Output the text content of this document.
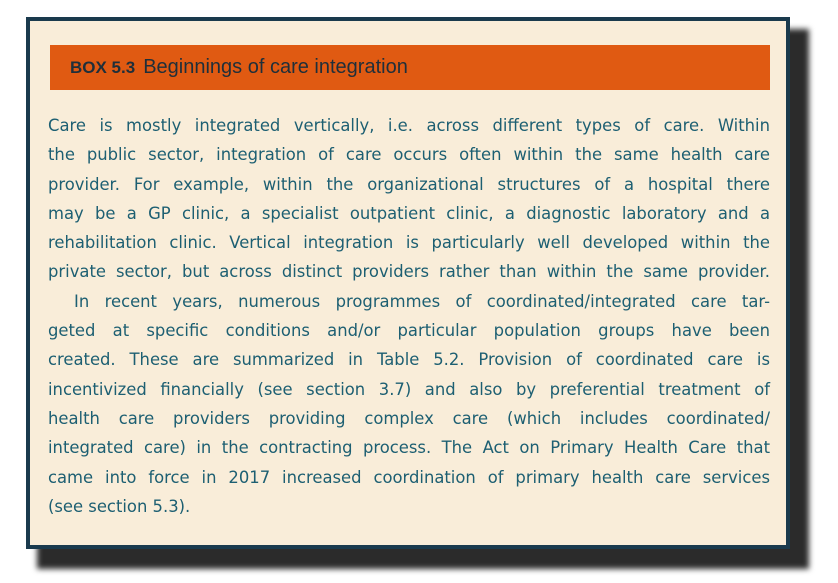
BOX 5.3 Beginnings of care integration

Care is mostly integrated vertically, i.e. across different types of care. Within
the public sector, integration of care occurs often within the same health care
provider. For example, within the organizational structures of a hospital there
may be a GP clinic, a specialist outpatient clinic, a diagnostic laboratory and a
rehabilitation clinic. Vertical integration is particularly well developed within the
private sector, but across distinct providers rather than within the same provider.

In recent years, numerous programmes of coordinated/integrated care tar-
geted at specific conditions and/or particular population groups have been
created. These are summarized in Table 5.2. Provision of coordinated care is
incentivized financially (see section 3.7) and also by preferential treatment of
health care providers providing complex care (which includes coordinated/
integrated care) in the contracting process. The Act on Primary Health Care that
came into force in 2017 increased coordination of primary health care services
(see section 5.3).
